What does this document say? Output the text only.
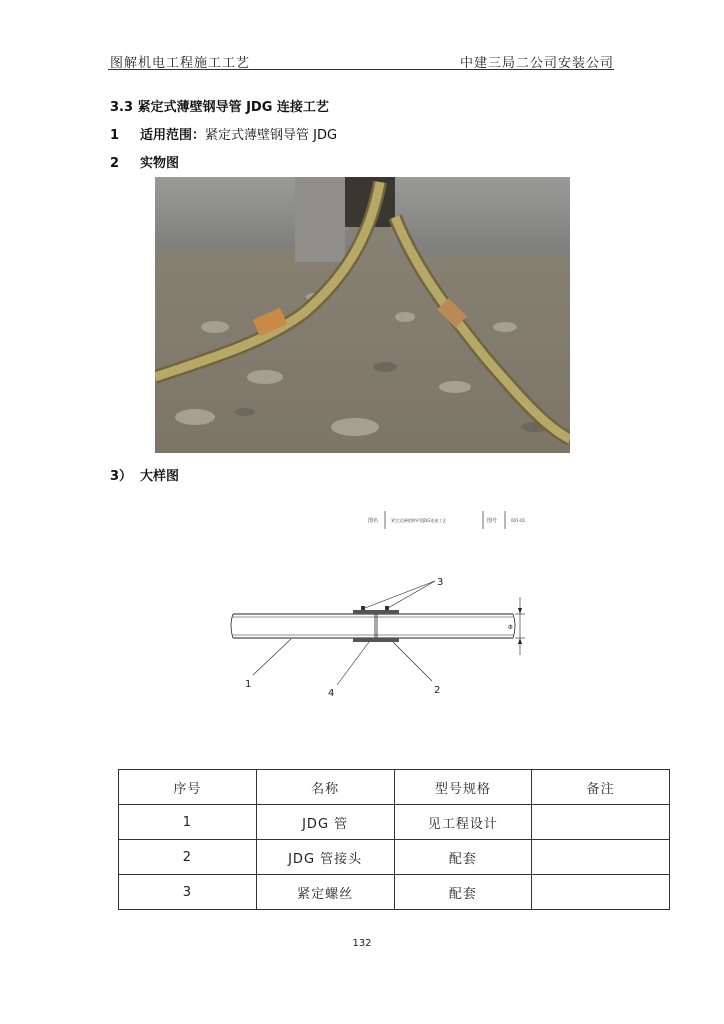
图解机电工程施工工艺	中建三局二公司安装公司
3.3 紧定式薄壁钢导管 JDG 连接工艺
1 适用范围：紧定式薄壁钢导管 JDG
2 实物图
3） 大样图
图名	紧定式薄壁钢导管JDG连接工艺	图号	001-01
Φ
3
1
4	2
序号	名称	型号规格	备注
1	JDG 管	见工程设计	
2	JDG 管接头	配套	
3	紧定螺丝	配套	
132
